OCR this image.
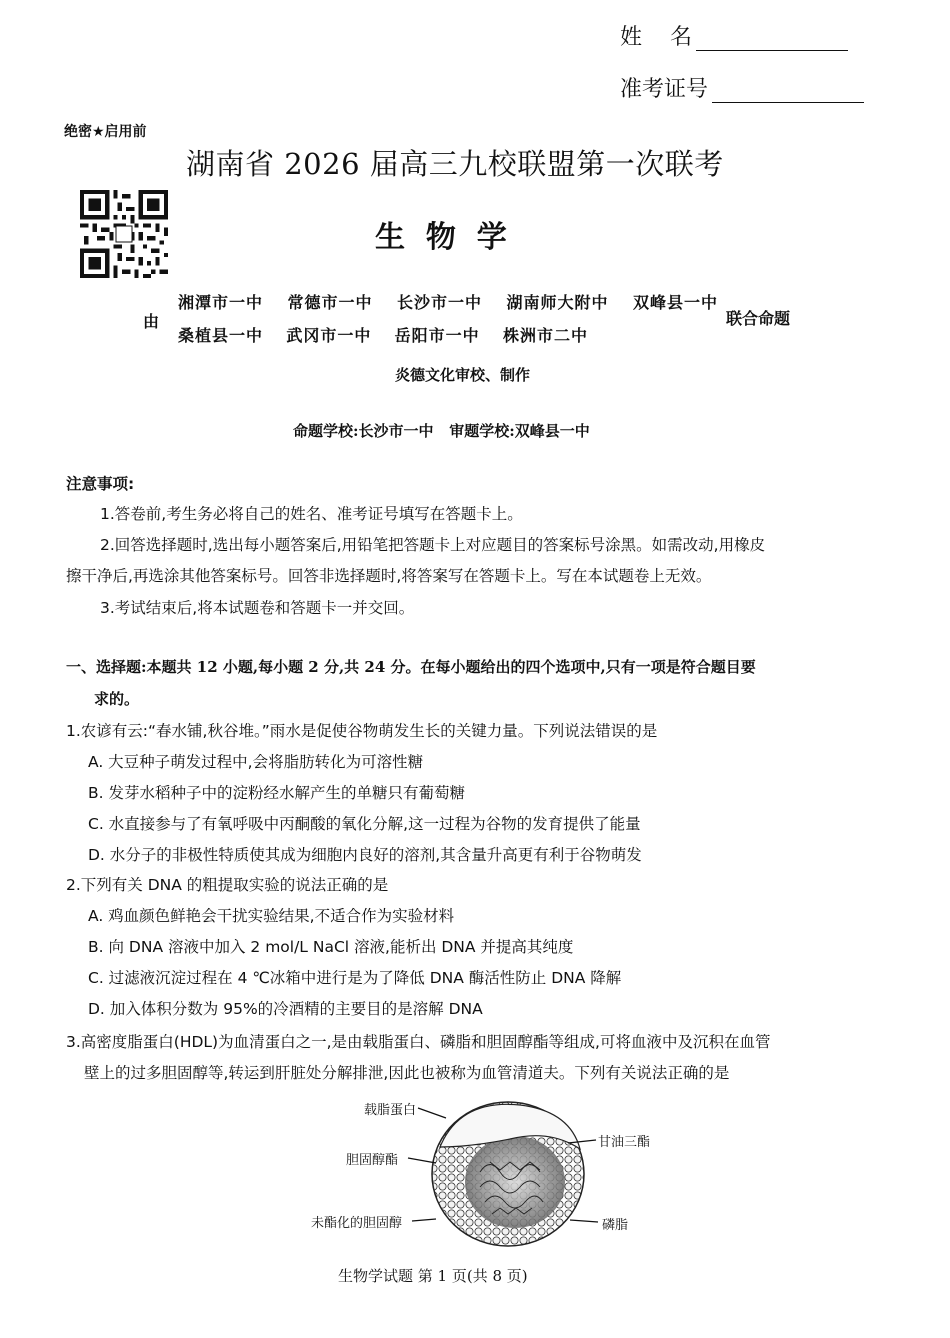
姓    名
准考证号
绝密★启用前
湖南省 2026 届高三九校联盟第一次联考
生  物  学
由
湘潭市一中 常德市一中 长沙市一中 湖南师大附中 双峰县一中
桑植县一中 武冈市一中 岳阳市一中 株洲市二中
联合命题
炎德文化审校、制作
命题学校:长沙市一中   审题学校:双峰县一中
注意事项:
1.答卷前,考生务必将自己的姓名、准考证号填写在答题卡上。
2.回答选择题时,选出每小题答案后,用铅笔把答题卡上对应题目的答案标号涂黑。如需改动,用橡皮
擦干净后,再选涂其他答案标号。回答非选择题时,将答案写在答题卡上。写在本试题卷上无效。
3.考试结束后,将本试题卷和答题卡一并交回。
一、选择题:本题共 12 小题,每小题 2 分,共 24 分。在每小题给出的四个选项中,只有一项是符合题目要
求的。
1.农谚有云:“春水铺,秋谷堆。”雨水是促使谷物萌发生长的关键力量。下列说法错误的是
A. 大豆种子萌发过程中,会将脂肪转化为可溶性糖
B. 发芽水稻种子中的淀粉经水解产生的单糖只有葡萄糖
C. 水直接参与了有氧呼吸中丙酮酸的氧化分解,这一过程为谷物的发育提供了能量
D. 水分子的非极性特质使其成为细胞内良好的溶剂,其含量升高更有利于谷物萌发
2.下列有关 DNA 的粗提取实验的说法正确的是
A. 鸡血颜色鲜艳会干扰实验结果,不适合作为实验材料
B. 向 DNA 溶液中加入 2 mol/L NaCl 溶液,能析出 DNA 并提高其纯度
C. 过滤液沉淀过程在 4 ℃冰箱中进行是为了降低 DNA 酶活性防止 DNA 降解
D. 加入体积分数为 95%的冷酒精的主要目的是溶解 DNA
3.高密度脂蛋白(HDL)为血清蛋白之一,是由载脂蛋白、磷脂和胆固醇酯等组成,可将血液中及沉积在血管
壁上的过多胆固醇等,转运到肝脏处分解排泄,因此也被称为血管清道夫。下列有关说法正确的是
载脂蛋白
甘油三酯
胆固醇酯
未酯化的胆固醇	磷脂
生物学试题 第 1 页(共 8 页)
